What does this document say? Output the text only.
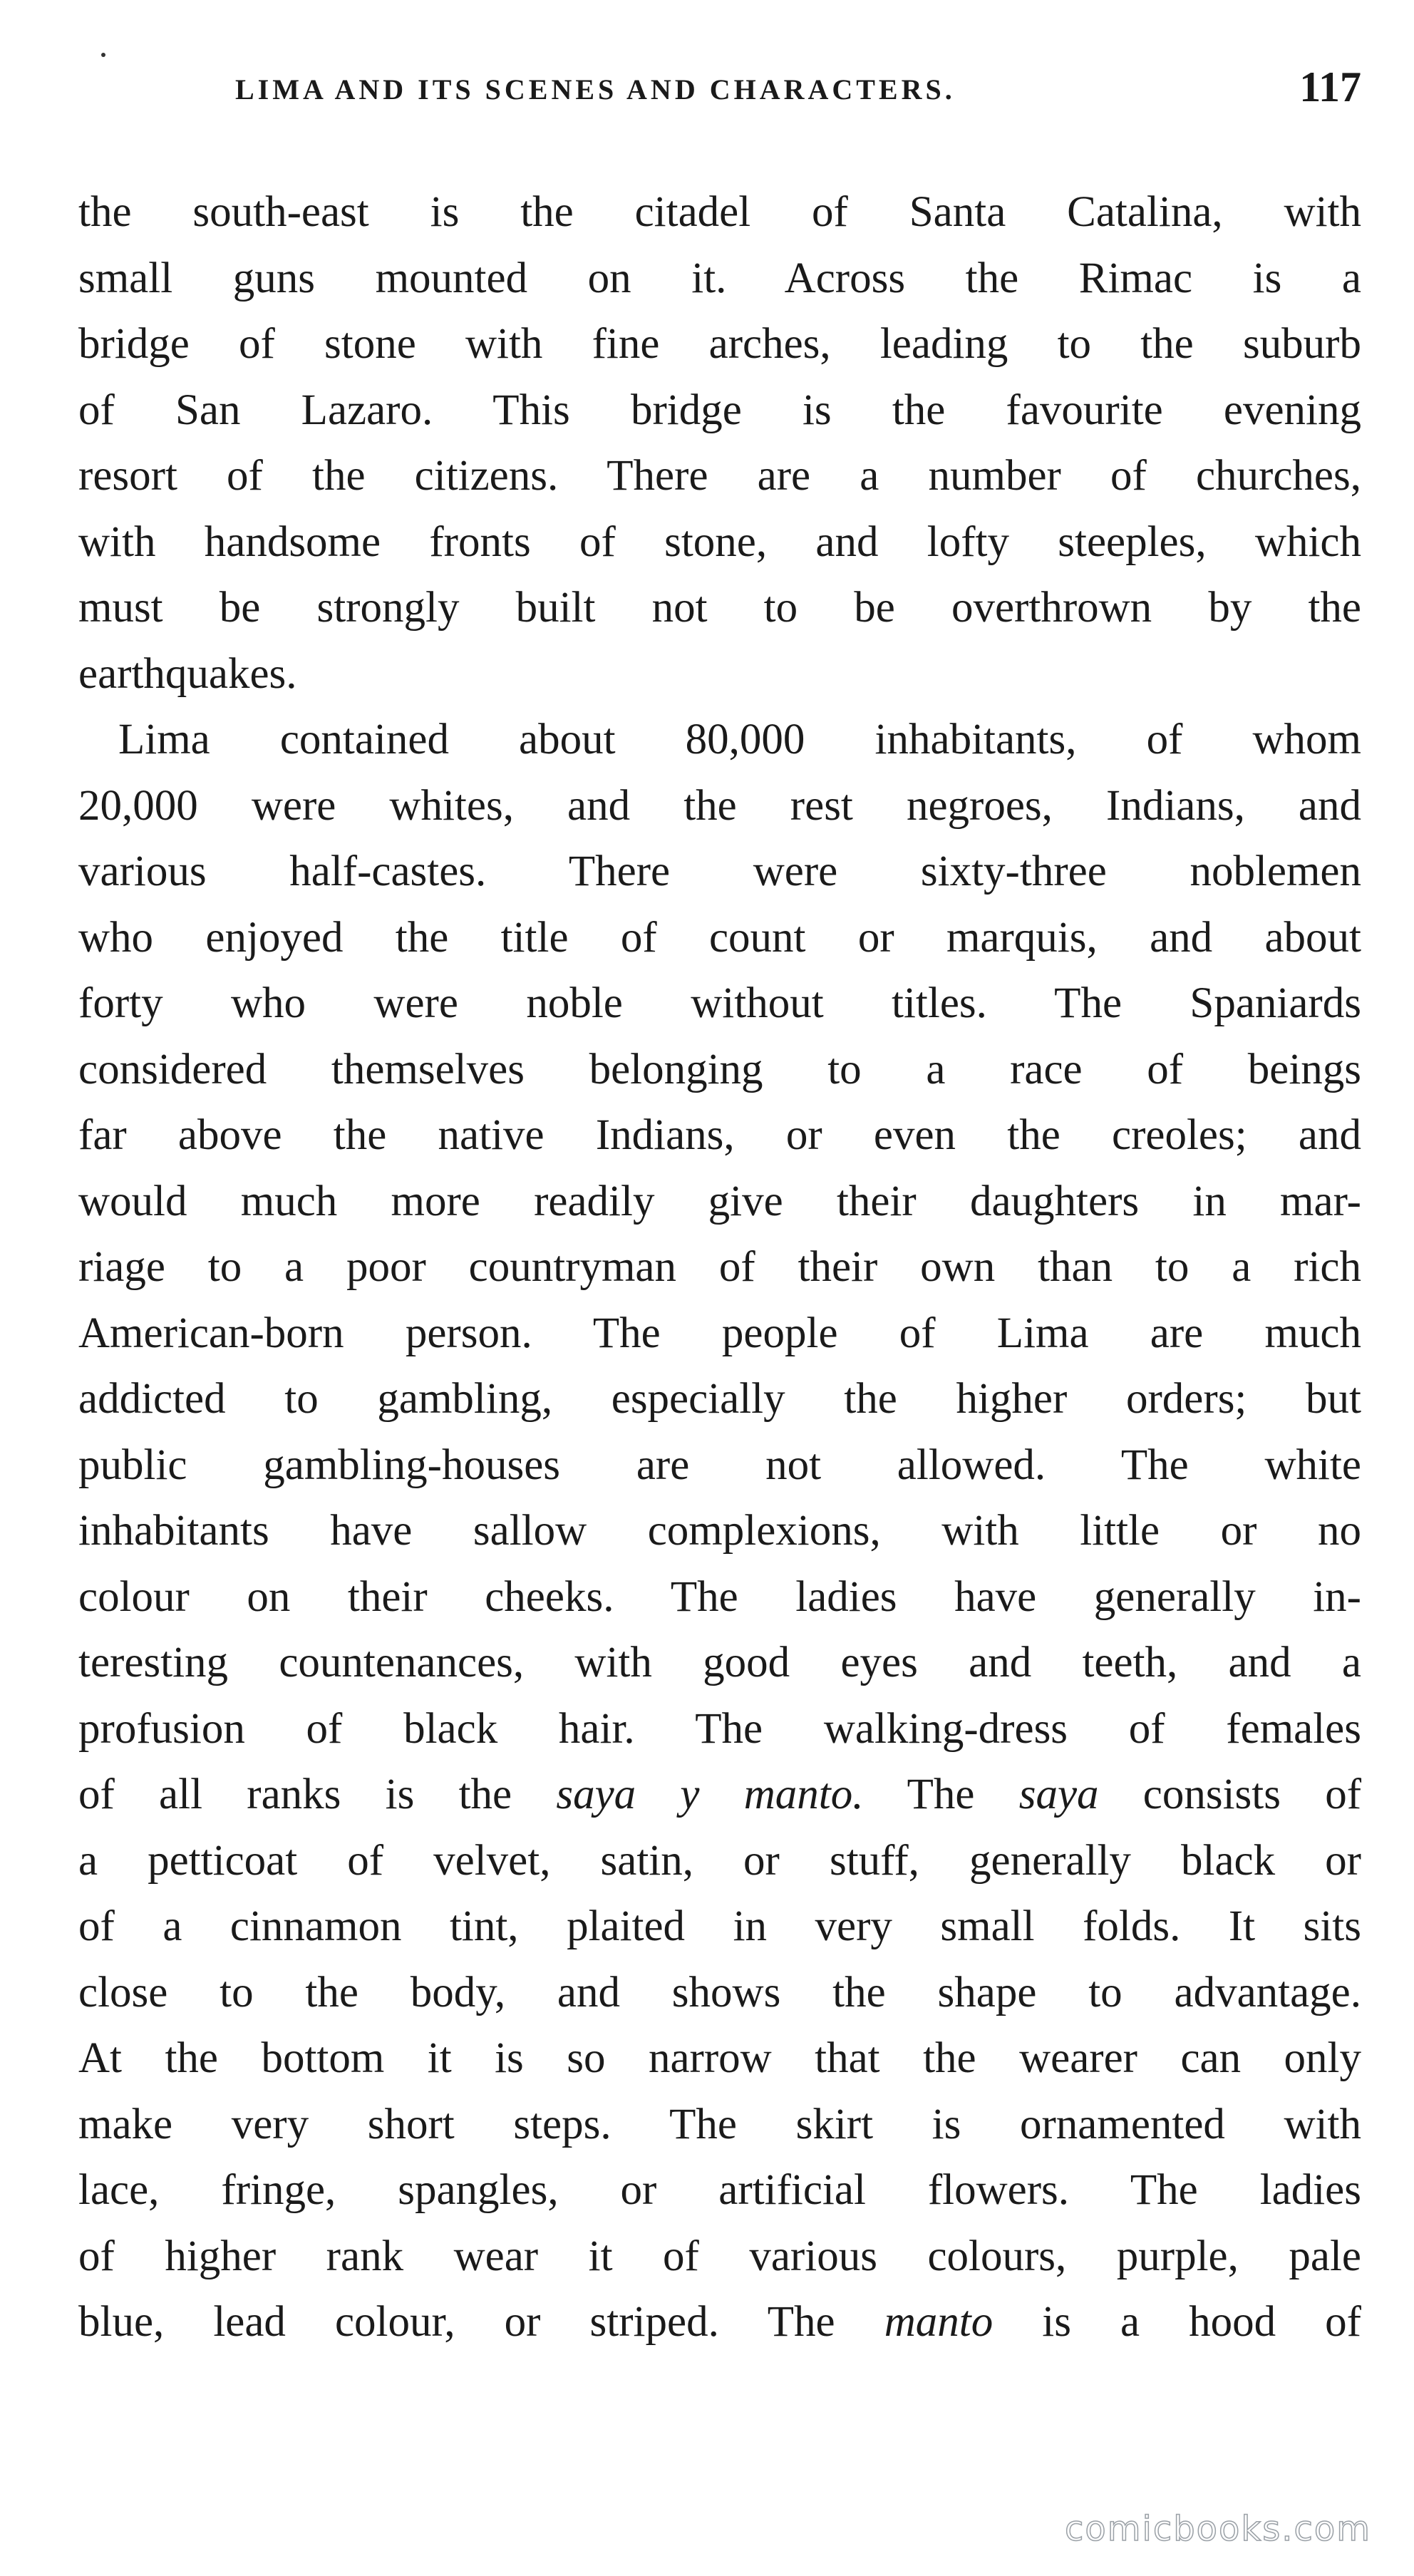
LIMA AND ITS SCENES AND CHARACTERS.	117
the south-east is the citadel of Santa Catalina, with
small guns mounted on it. Across the Rimac is a
bridge of stone with fine arches, leading to the suburb
of San Lazaro. This bridge is the favourite evening
resort of the citizens. There are a number of churches,
with handsome fronts of stone, and lofty steeples, which
must be strongly built not to be overthrown by the
earthquakes.
Lima contained about 80,000 inhabitants, of whom
20,000 were whites, and the rest negroes, Indians, and
various half-castes. There were sixty-three noblemen
who enjoyed the title of count or marquis, and about
forty who were noble without titles. The Spaniards
considered themselves belonging to a race of beings
far above the native Indians, or even the creoles; and
would much more readily give their daughters in mar-
riage to a poor countryman of their own than to a rich
American-born person. The people of Lima are much
addicted to gambling, especially the higher orders; but
public gambling-houses are not allowed. The white
inhabitants have sallow complexions, with little or no
colour on their cheeks. The ladies have generally in-
teresting countenances, with good eyes and teeth, and a
profusion of black hair. The walking-dress of females
of all ranks is the saya y manto. The saya consists of
a petticoat of velvet, satin, or stuff, generally black or
of a cinnamon tint, plaited in very small folds. It sits
close to the body, and shows the shape to advantage.
At the bottom it is so narrow that the wearer can only
make very short steps. The skirt is ornamented with
lace, fringe, spangles, or artificial flowers. The ladies
of higher rank wear it of various colours, purple, pale
blue, lead colour, or striped. The manto is a hood of
comicbooks.com
